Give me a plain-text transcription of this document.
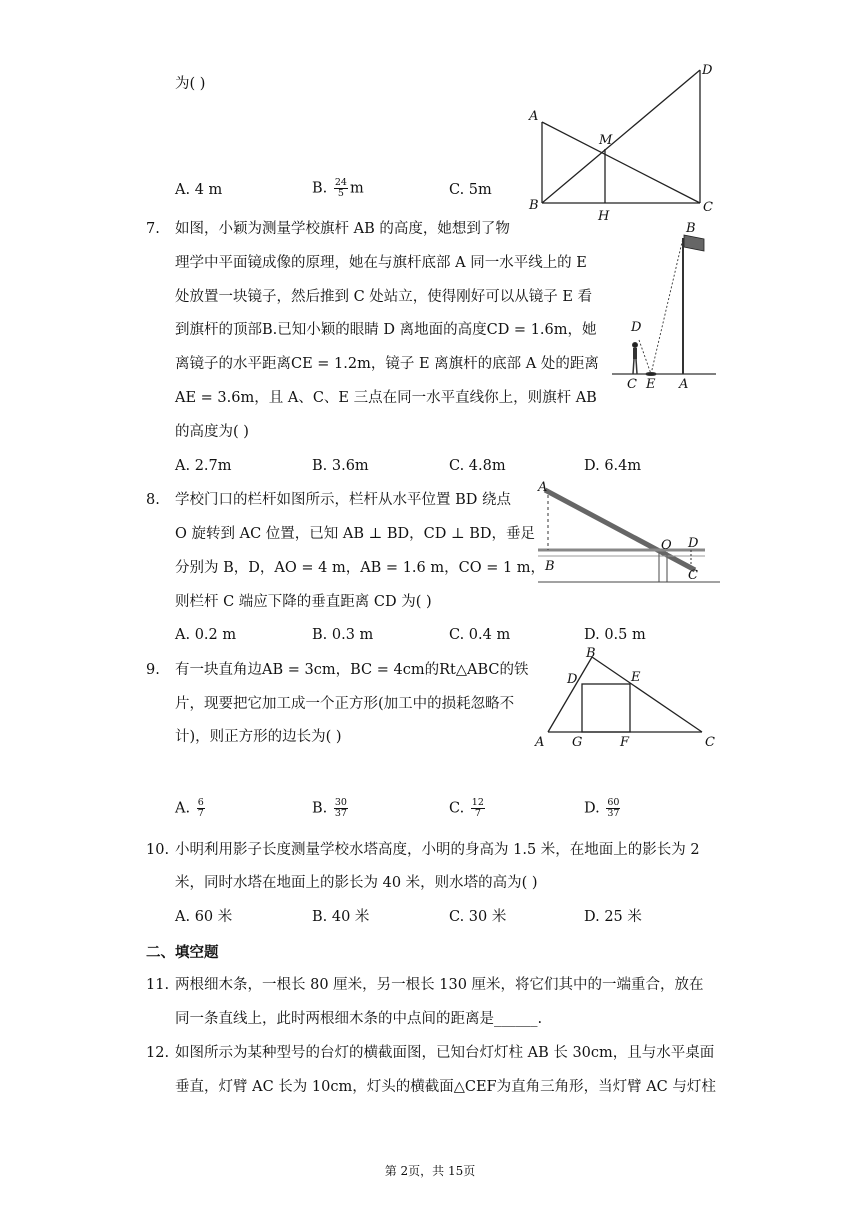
为( )
A. 4 m	B. $\frac{24}{5}$ m	C. 5m
A
B
M
H
C
D
7. 如图，小颖为测量学校旗杆 AB 的高度，她想到了物
理学中平面镜成像的原理，她在与旗杆底部 A 同一水平线上的 E
处放置一块镜子，然后推到 C 处站立，使得刚好可以从镜子 E 看
到旗杆的顶部B.已知小颖的眼睛 D 离地面的高度CD = 1.6m，她
离镜子的水平距离CE = 1.2m，镜子 E 离旗杆的底部 A 处的距离
AE = 3.6m，且 A、C、E 三点在同一水平直线你上，则旗杆 AB
的高度为( )
A. 2.7m	B. 3.6m	C. 4.8m	D. 6.4m
B
D
C E A
8. 学校门口的栏杆如图所示，栏杆从水平位置 BD 绕点
O 旋转到 AC 位置，已知 AB ⊥ BD，CD ⊥ BD，垂足
分别为 B，D，AO = 4 m，AB = 1.6 m，CO = 1 m，
则栏杆 C 端应下降的垂直距离 CD 为( )
A. 0.2 m	B. 0.3 m	C. 0.4 m	D. 0.5 m
A
O D
B
C
9. 有一块直角边AB = 3cm，BC = 4cm的Rt△ABC的铁
片，现要把它加工成一个正方形(加工中的损耗忽略不
计)，则正方形的边长为( )
A. $\frac{6}{7}$	B. $\frac{30}{37}$	C. $\frac{12}{7}$	D. $\frac{60}{37}$
B
D	E
A G	F	C
10. 小明利用影子长度测量学校水塔高度，小明的身高为 1.5 米，在地面上的影长为 2
米，同时水塔在地面上的影长为 40 米，则水塔的高为( )
A. 60 米	B. 40 米	C. 30 米	D. 25 米
二、填空题
11. 两根细木条，一根长 80 厘米，另一根长 130 厘米，将它们其中的一端重合，放在
同一条直线上，此时两根细木条的中点间的距离是______.
12. 如图所示为某种型号的台灯的横截面图，已知台灯灯柱 AB 长 30cm，且与水平桌面
垂直，灯臂 AC 长为 10cm，灯头的横截面△CEF为直角三角形，当灯臂 AC 与灯柱
第 2页，共 15页
